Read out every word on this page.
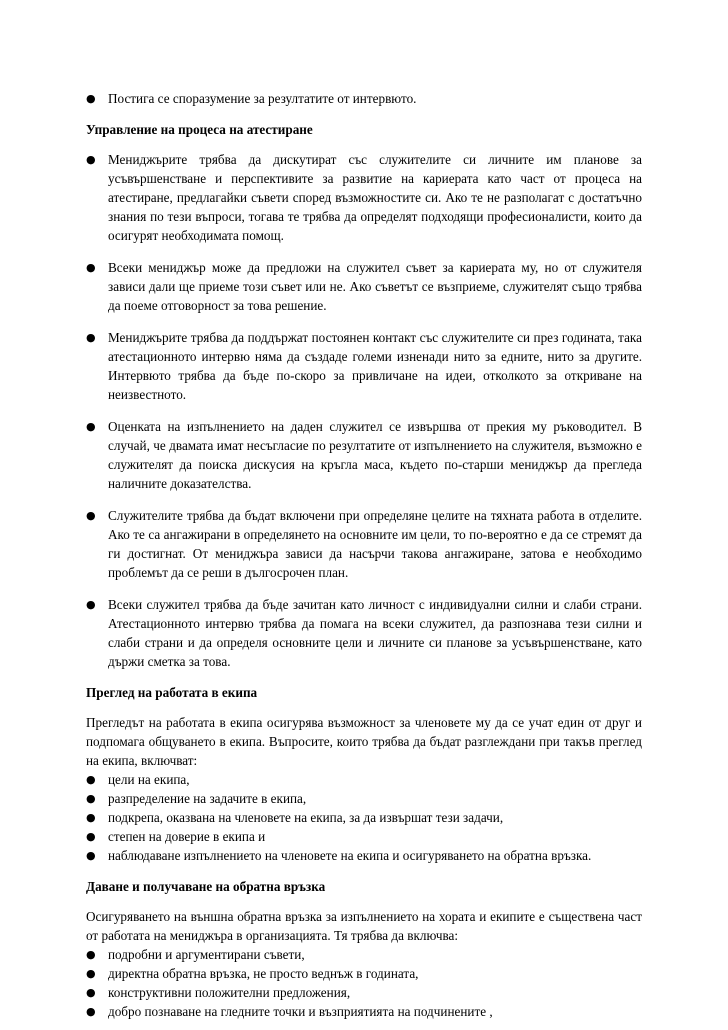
● Постига се споразумение за резултатите от интервюто.

Управление на процеса на атестиране

● Мениджърите трябва да дискутират със служителите си личните им планове за усъвършенстване и перспективите за развитие на кариерата като част от процеса на атестиране, предлагайки съвети според възможностите си. Ако те не разполагат с достатъчно знания по тези въпроси, тогава те трябва да определят подходящи професионалисти, които да осигурят необходимата помощ.
● Всеки мениджър може да предложи на служител съвет за кариерата му, но от служителя зависи дали ще приеме този съвет или не. Ако съветът се възприеме, служителят също трябва да поеме отговорност за това решение.
● Мениджърите трябва да поддържат постоянен контакт със служителите си през годината, така атестационното интервю няма да създаде големи изненади нито за едните, нито за другите. Интервюто трябва да бъде по-скоро за привличане на идеи, отколкото за откриване на неизвестното.
● Оценката на изпълнението на даден служител се извършва от прекия му ръководител. В случай, че двамата имат несъгласие по резултатите от изпълнението на служителя, възможно е служителят да поиска дискусия на кръгла маса, където по-старши мениджър да прегледа наличните доказателства.
● Служителите трябва да бъдат включени при определяне целите на тяхната работа в отделите. Ако те са ангажирани в определянето на основните им цели, то по-вероятно е да се стремят да ги достигнат. От мениджъра зависи да насърчи такова ангажиране, затова е необходимо проблемът да се реши в дългосрочен план.
● Всеки служител трябва да бъде зачитан като личност с индивидуални силни и слаби страни. Атестационното интервю трябва да помага на всеки служител, да разпознава тези силни и слаби страни и да определя основните цели и личните си планове за усъвършенстване, като държи сметка за това.

Преглед на работата в екипа

Прегледът на работата в екипа осигурява възможност за членовете му да се учат един от друг и подпомага общуването в екипа. Въпросите, които трябва да бъдат разглеждани при такъв преглед на екипа, включват:

● цели на екипа,
● разпределение на задачите в екипа,
● подкрепа, оказвана на членовете на екипа, за да извършат тези задачи,
● степен на доверие в екипа и
● наблюдаване изпълнението на членовете на екипа и осигуряването на обратна връзка.

Даване и получаване на обратна връзка

Осигуряването на външна обратна връзка за изпълнението на хората и екипите е съществена част от работата на мениджъра в организацията. Тя трябва да включва:

● подробни и аргументирани съвети,
● директна обратна връзка, не просто веднъж в годината,
● конструктивни положителни предложения,
● добро познаване на гледните точки и възприятията на подчинените ,
